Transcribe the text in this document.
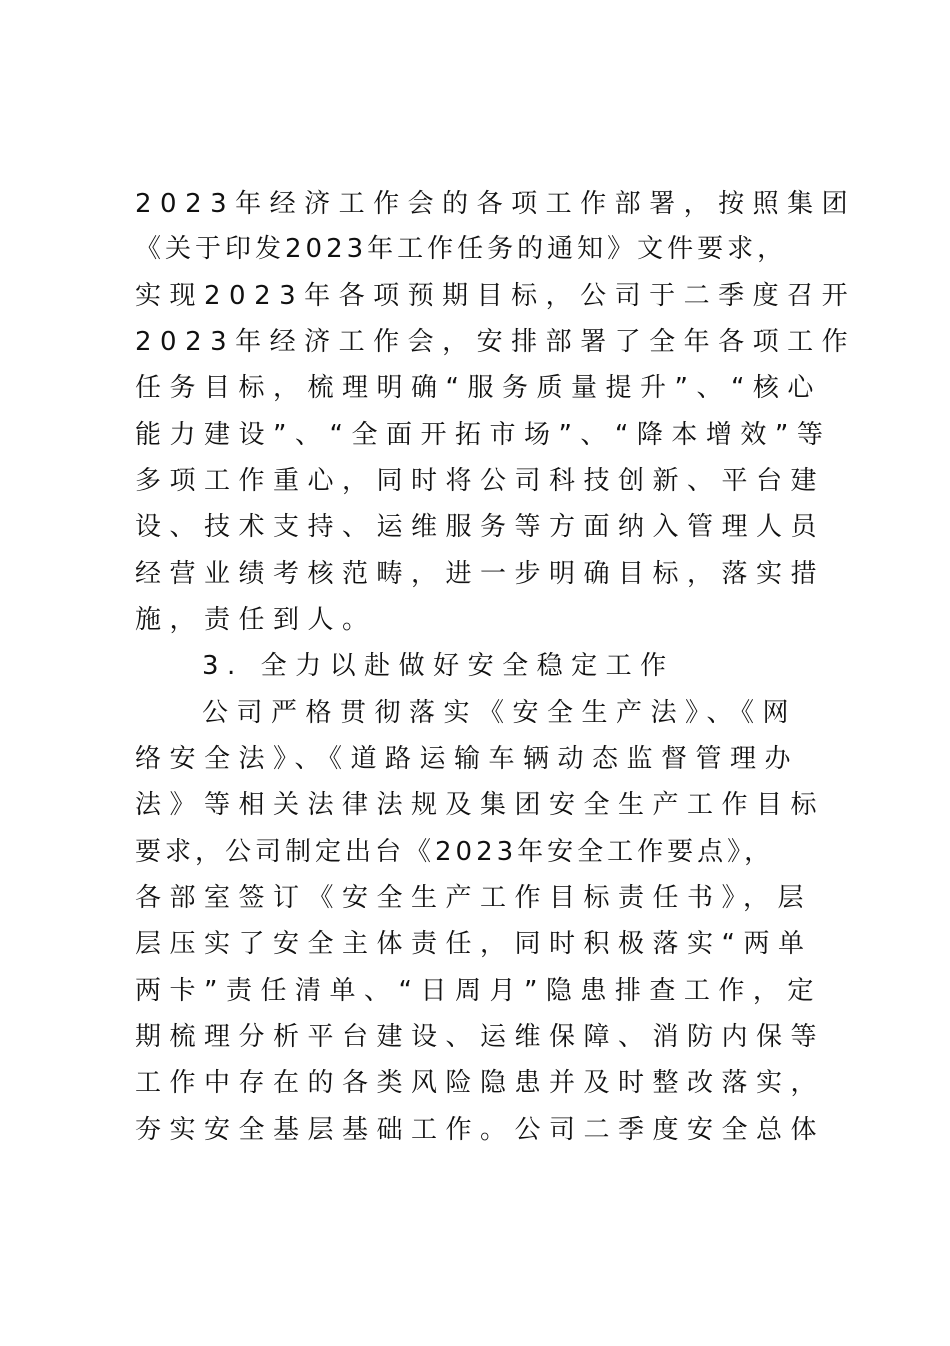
2023年经济工作会的各项工作部署，按照集团
《关于印发2023年工作任务的通知》文件要求，
实现2023年各项预期目标，公司于二季度召开
2023年经济工作会，安排部署了全年各项工作
任务目标，梳理明确“服务质量提升”、“核心
能力建设”、“全面开拓市场”、“降本增效”等
多项工作重心，同时将公司科技创新、平台建
设、技术支持、运维服务等方面纳入管理人员
经营业绩考核范畴，进一步明确目标，落实措
施，责任到人。
3. 全力以赴做好安全稳定工作
公司严格贯彻落实《安全生产法》、《网
络安全法》、《道路运输车辆动态监督管理办
法》等相关法律法规及集团安全生产工作目标
要求，公司制定出台《2023年安全工作要点》，
各部室签订《安全生产工作目标责任书》，层
层压实了安全主体责任，同时积极落实“两单
两卡”责任清单、“日周月”隐患排查工作，定
期梳理分析平台建设、运维保障、消防内保等
工作中存在的各类风险隐患并及时整改落实，
夯实安全基层基础工作。公司二季度安全总体
